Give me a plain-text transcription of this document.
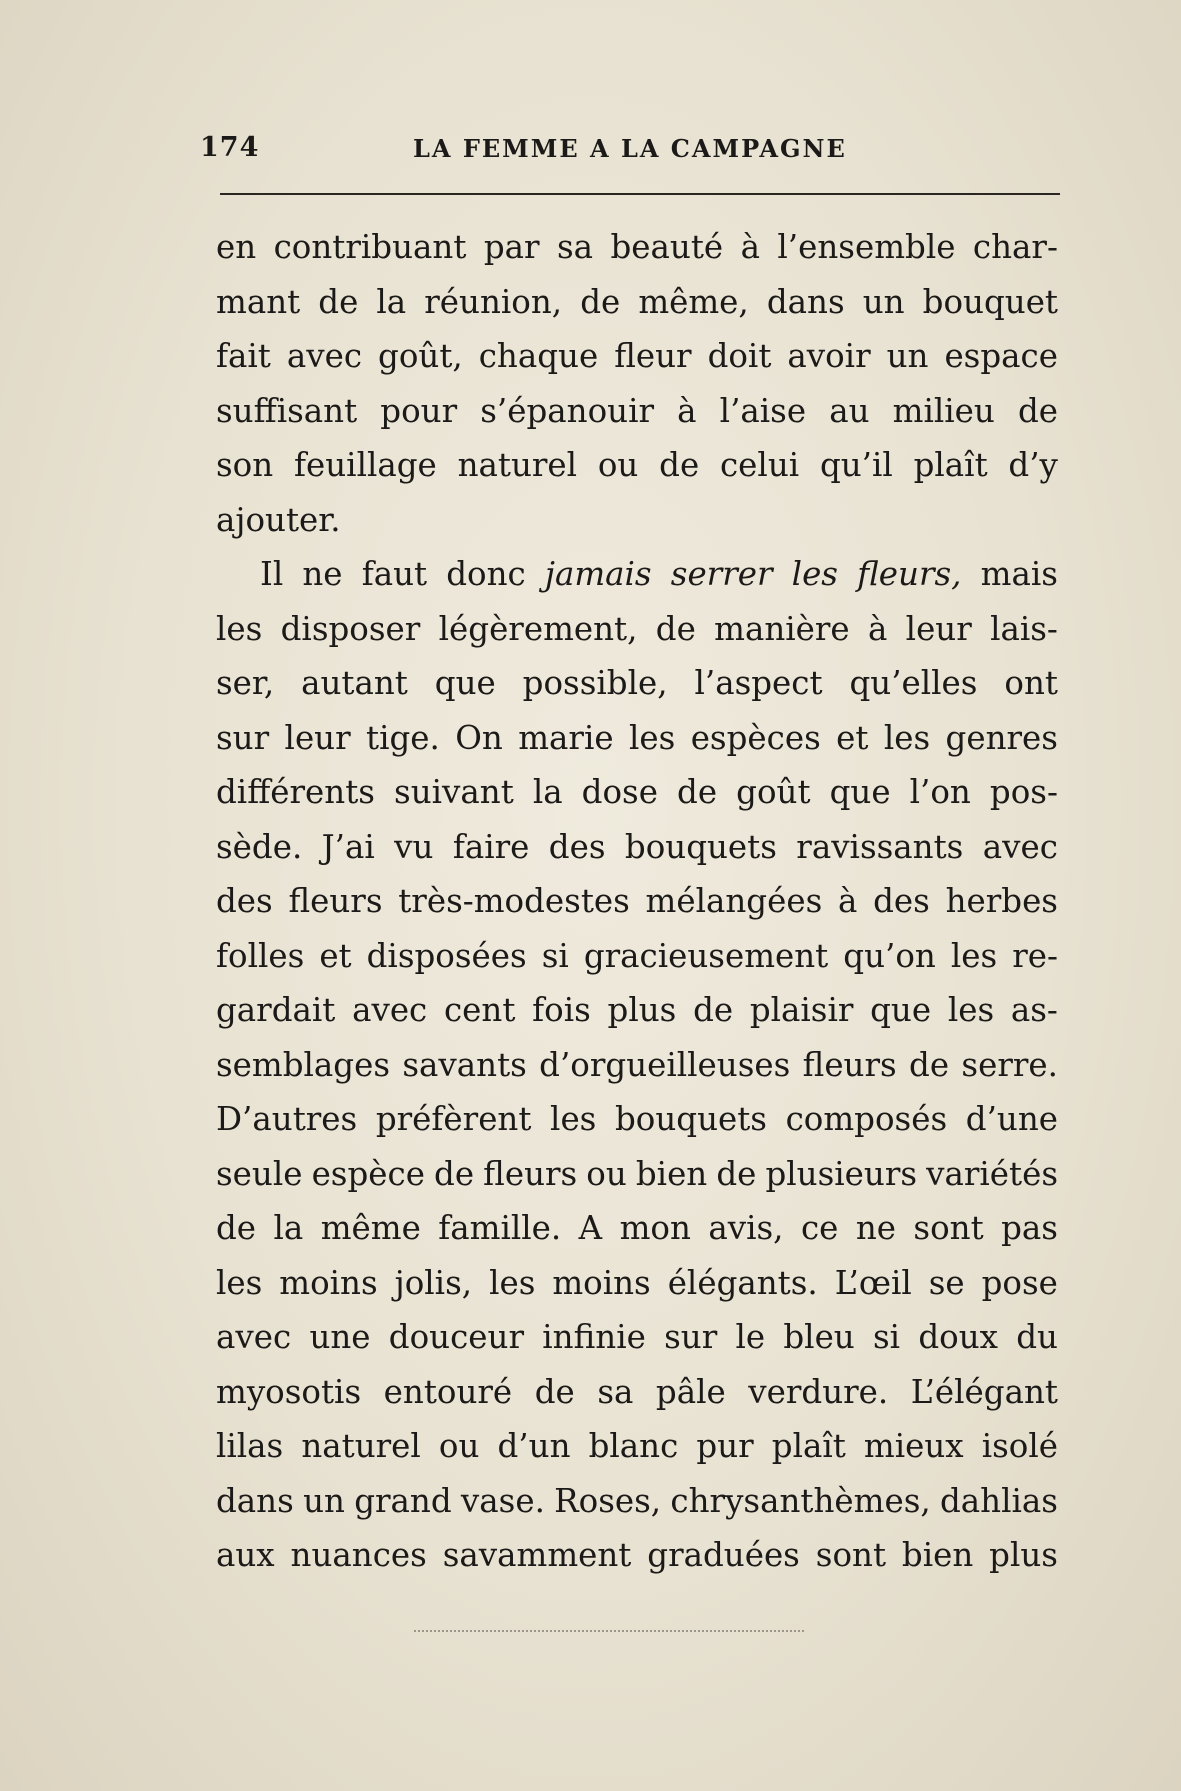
174	LA FEMME A LA CAMPAGNE
en contribuant par sa beauté à l’ensemble char-
mant de la réunion, de même, dans un bouquet
fait avec goût, chaque fleur doit avoir un espace
suffisant pour s’épanouir à l’aise au milieu de
son feuillage naturel ou de celui qu’il plaît d’y
ajouter.
Il ne faut donc jamais serrer les fleurs, mais
les disposer légèrement, de manière à leur lais-
ser, autant que possible, l’aspect qu’elles ont
sur leur tige. On marie les espèces et les genres
différents suivant la dose de goût que l’on pos-
sède. J’ai vu faire des bouquets ravissants avec
des fleurs très-modestes mélangées à des herbes
folles et disposées si gracieusement qu’on les re-
gardait avec cent fois plus de plaisir que les as-
semblages savants d’orgueilleuses fleurs de serre.
D’autres préfèrent les bouquets composés d’une
seule espèce de fleurs ou bien de plusieurs variétés
de la même famille. A mon avis, ce ne sont pas
les moins jolis, les moins élégants. L’œil se pose
avec une douceur infinie sur le bleu si doux du
myosotis entouré de sa pâle verdure. L’élégant
lilas naturel ou d’un blanc pur plaît mieux isolé
dans un grand vase. Roses, chrysanthèmes, dahlias
aux nuances savamment graduées sont bien plus
